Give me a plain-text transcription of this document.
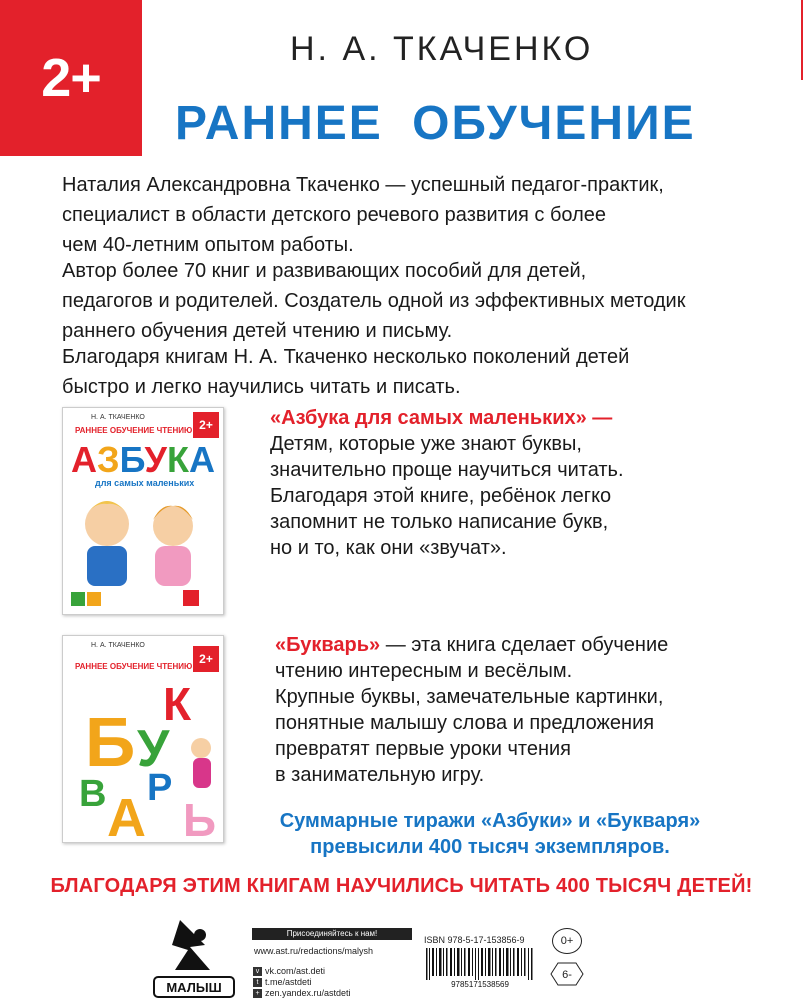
2+	Н. А. ТКАЧЕНКО
РАННЕЕ ОБУЧЕНИЕ
Наталия Александровна Ткаченко — успешный педагог-практик,
специалист в области детского речевого развития с более
чем 40-летним опытом работы.
Автор более 70 книг и развивающих пособий для детей,
педагогов и родителей. Создатель одной из эффективных методик
раннего обучения детей чтению и письму.
Благодаря книгам Н. А. Ткаченко несколько поколений детей
быстро и легко научились читать и писать.
Н. А. ТКАЧЕНКО
РАННЕЕ ОБУЧЕНИЕ ЧТЕНИЮ 2+
АЗБУКА
для самых маленьких
«Азбука для самых маленьких» —
Детям, которые уже знают буквы,
значительно проще научиться читать.
Благодаря этой книге, ребёнок легко
запомнит не только написание букв,
но и то, как они «звучат».
Н. А. ТКАЧЕНКО
РАННЕЕ ОБУЧЕНИЕ ЧТЕНИЮ
2+
Б К
У
В А Р
Ь
«Букварь» — эта книга сделает обучение
чтению интересным и весёлым.
Крупные буквы, замечательные картинки,
понятные малышу слова и предложения
превратят первые уроки чтения
в занимательную игру.
Суммарные тиражи «Азбуки» и «Букваря»
превысили 400 тысяч экземпляров.
БЛАГОДАРЯ ЭТИМ КНИГАМ НАУЧИЛИСЬ ЧИТАТЬ 400 ТЫСЯЧ ДЕТЕЙ!
МАЛЫШ
Присоединяйтесь к нам!
www.ast.ru/redactions/malysh
v vk.com/ast.deti
t t.me/astdeti
+ zen.yandex.ru/astdeti
ISBN 978-5-17-153856-9
9785171538569
0+
6-
